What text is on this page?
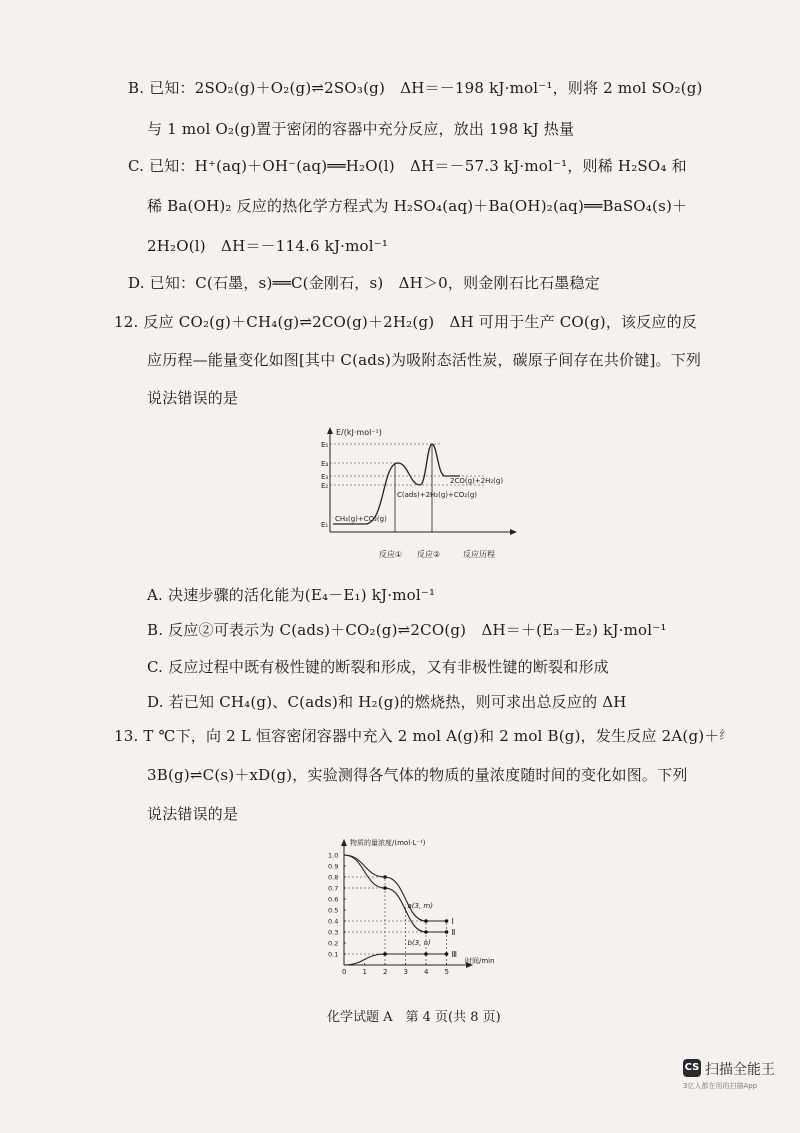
B. 已知：2SO₂(g)＋O₂(g)⇌2SO₃(g)　ΔH＝－198 kJ·mol⁻¹，则将 2 mol SO₂(g)
与 1 mol O₂(g)置于密闭的容器中充分反应，放出 198 kJ 热量
C. 已知：H⁺(aq)＋OH⁻(aq)══H₂O(l)　ΔH＝－57.3 kJ·mol⁻¹，则稀 H₂SO₄ 和
稀 Ba(OH)₂ 反应的热化学方程式为 H₂SO₄(aq)＋Ba(OH)₂(aq)══BaSO₄(s)＋
2H₂O(l)　ΔH＝－114.6 kJ·mol⁻¹
D. 已知：C(石墨，s)══C(金刚石，s)　ΔH＞0，则金刚石比石墨稳定
12. 反应 CO₂(g)＋CH₄(g)⇌2CO(g)＋2H₂(g)　ΔH 可用于生产 CO(g)，该反应的反
应历程—能量变化如图[其中 C(ads)为吸附态活性炭，碳原子间存在共价键]。下列
说法错误的是
E/(kJ·mol⁻¹)
E₅
E₄
E₃
E₂
E₁
2CO(g)+2H₂(g)
C(ads)+2H₂(g)+CO₂(g)
CH₄(g)+CO₂(g)
反应① 反应②	反应历程
A. 决速步骤的活化能为(E₄－E₁) kJ·mol⁻¹
B. 反应②可表示为 C(ads)＋CO₂(g)⇌2CO(g)　ΔH＝＋(E₃－E₂) kJ·mol⁻¹
C. 反应过程中既有极性键的断裂和形成，又有非极性键的断裂和形成
D. 若已知 CH₄(g)、C(ads)和 H₂(g)的燃烧热，则可求出总反应的 ΔH
13. T ℃下，向 2 L 恒容密闭容器中充入 2 mol A(g)和 2 mol B(g)，发生反应 2A(g)＋
3B(g)⇌C(s)＋xD(g)，实验测得各气体的物质的量浓度随时间的变化如图。下列
说法错误的是
物质的量浓度/(mol·L⁻¹)
时间/min
0 1 2 3 4 5
0.1
0.2
0.3
0.4
0.5
0.6
0.7
0.8
0.9
1.0
Ⅰ
Ⅱ
Ⅲ
a(3, m)
b(3, n)
化学试题 A　第 4 页(共 8 页)
纟
CS 扫描全能王
3亿人都在用的扫描App
